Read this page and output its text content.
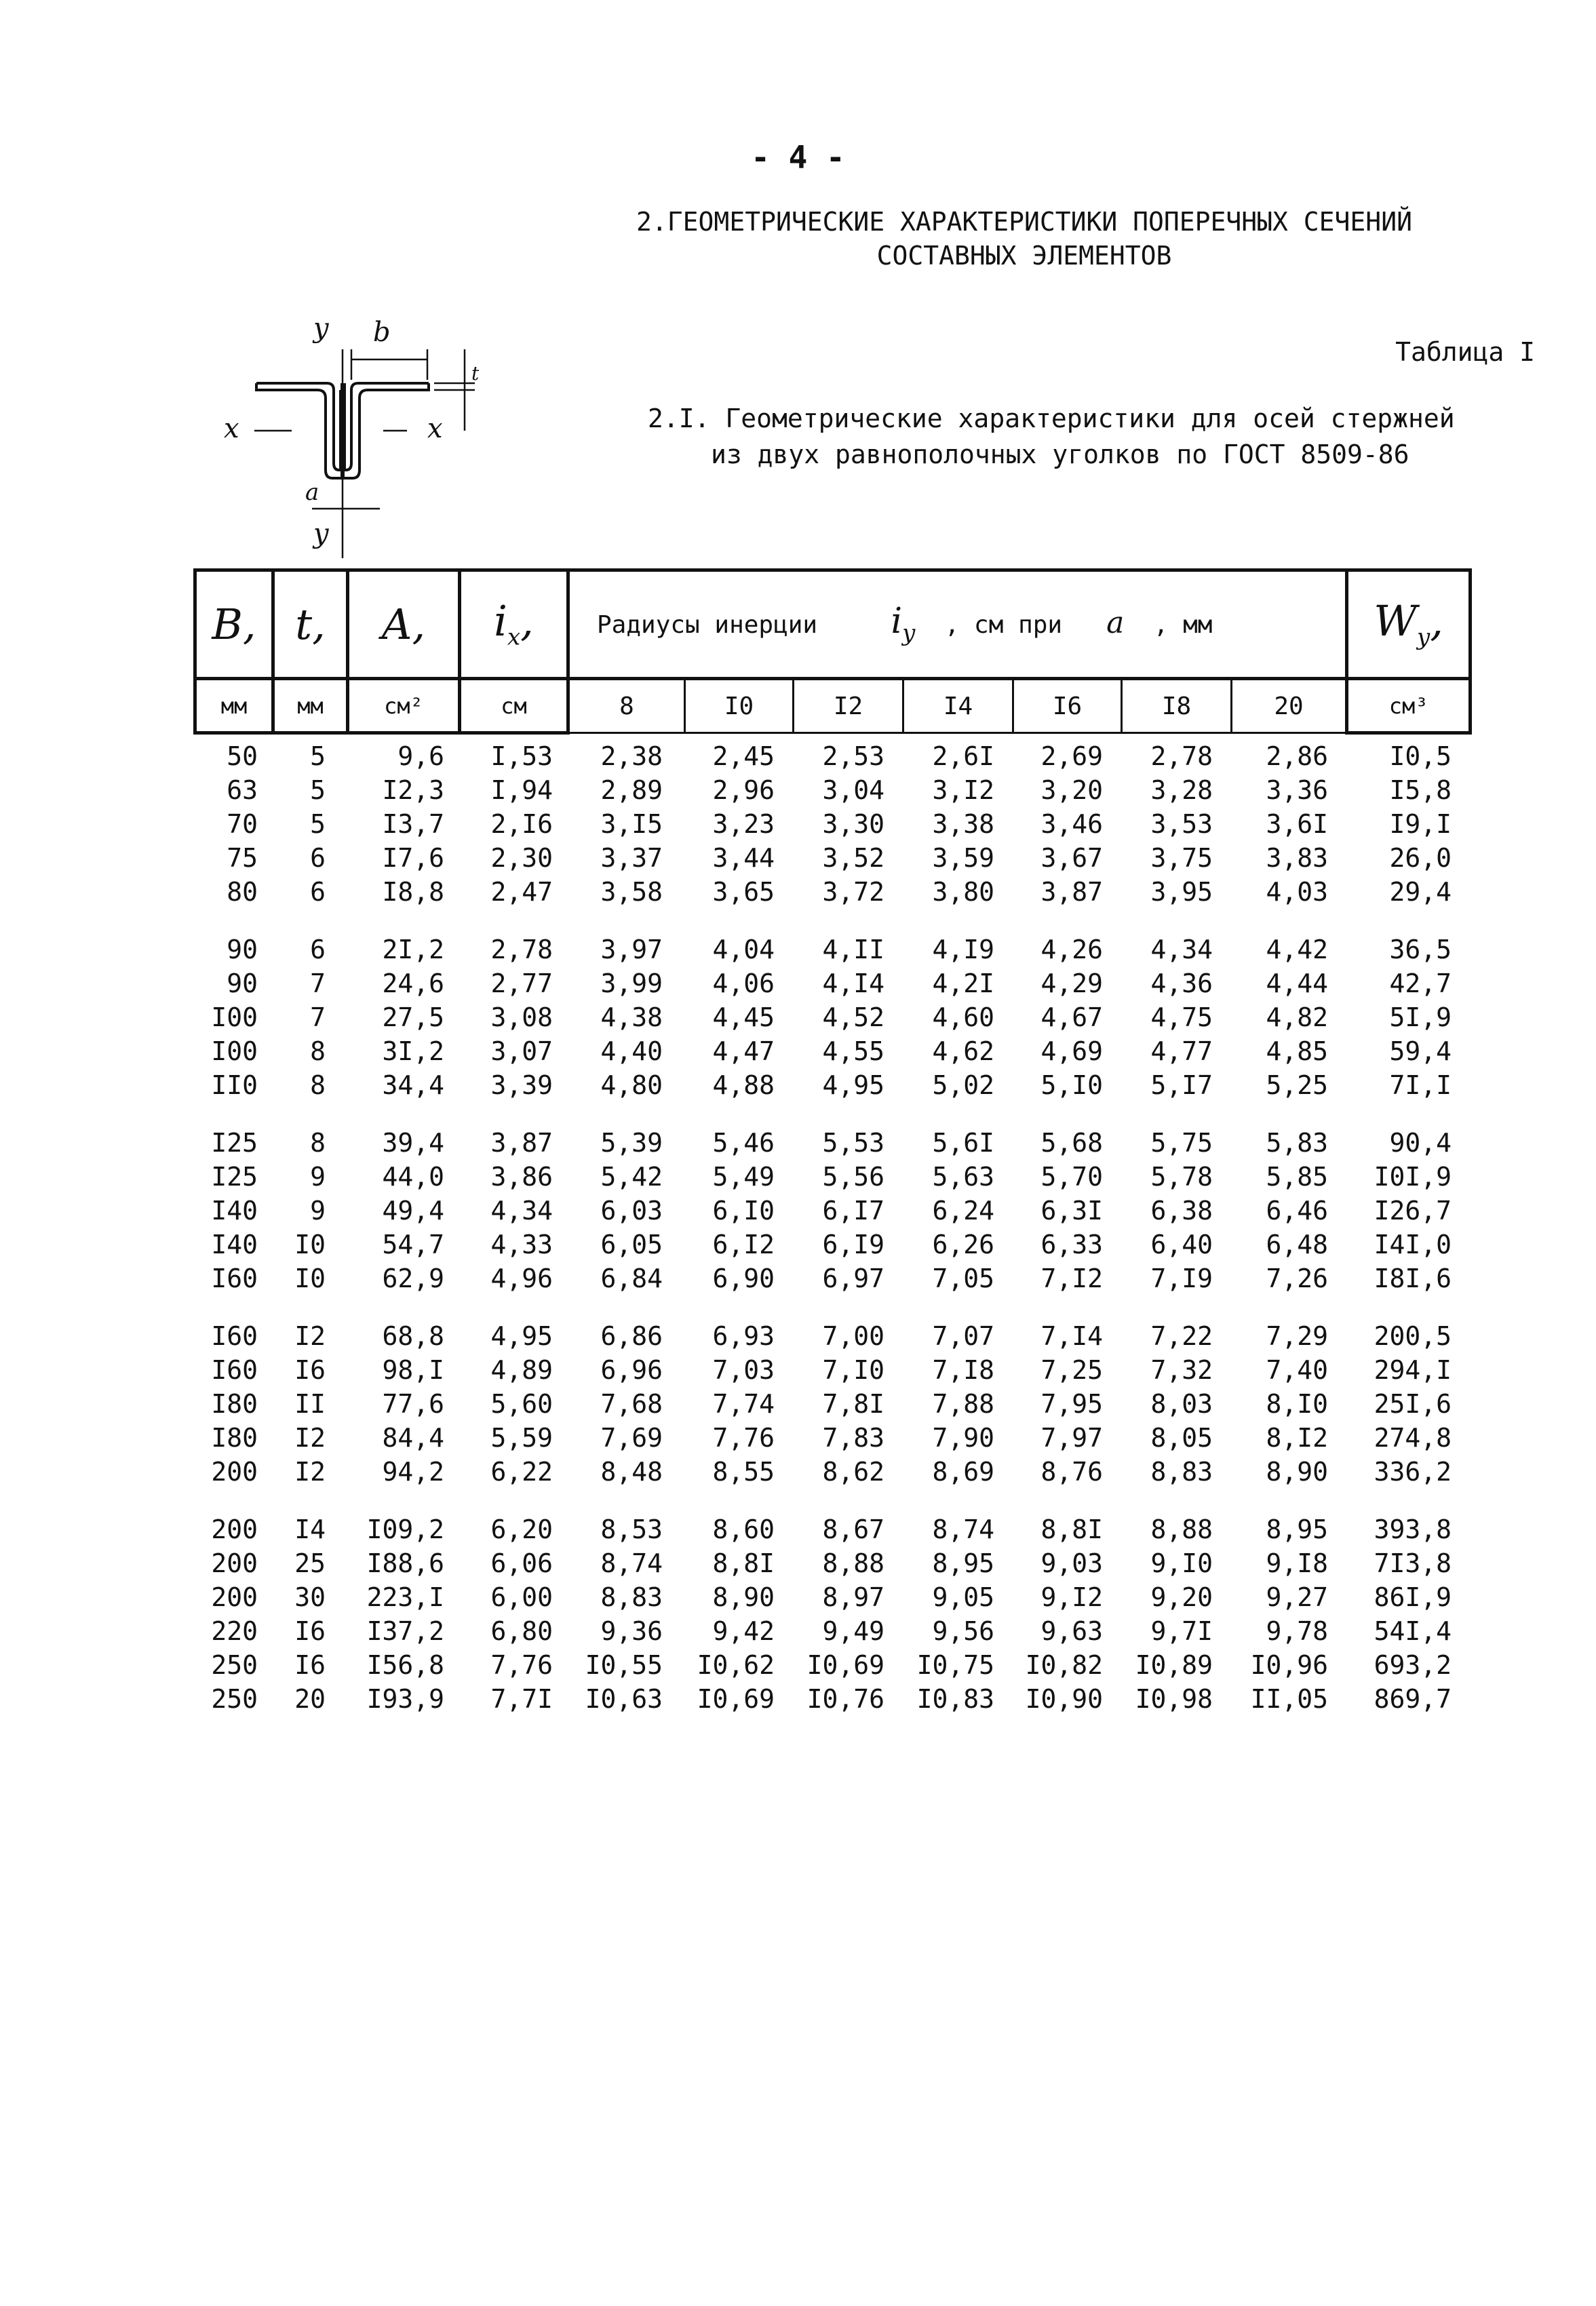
- 4 -
2.ГЕОМЕТРИЧЕСКИЕ ХАРАКТЕРИСТИКИ ПОПЕРЕЧНЫХ СЕЧЕНИЙ
СОСТАВНЫХ ЭЛЕМЕНТОВ
Таблица I
2.I. Геометрические характеристики для осей стержней
из двух равнополочных уголков по ГОСТ 8509-86
y b
t
x	x
a
y
B,	t,	A,	$i_x$,	Радиусы инерции $i_y$ , см при a , мм							$W_y$,
мм	мм	см²	см	8	I0	I2	I4	I6	I8	20	см³
50	5	9,6	I,53	2,38	2,45	2,53	2,6I	2,69	2,78	2,86	I0,5
63	5	I2,3	I,94	2,89	2,96	3,04	3,I2	3,20	3,28	3,36	I5,8
70	5	I3,7	2,I6	3,I5	3,23	3,30	3,38	3,46	3,53	3,6I	I9,I
75	6	I7,6	2,30	3,37	3,44	3,52	3,59	3,67	3,75	3,83	26,0
80	6	I8,8	2,47	3,58	3,65	3,72	3,80	3,87	3,95	4,03	29,4
90	6	2I,2	2,78	3,97	4,04	4,II	4,I9	4,26	4,34	4,42	36,5
90	7	24,6	2,77	3,99	4,06	4,I4	4,2I	4,29	4,36	4,44	42,7
I00	7	27,5	3,08	4,38	4,45	4,52	4,60	4,67	4,75	4,82	5I,9
I00	8	3I,2	3,07	4,40	4,47	4,55	4,62	4,69	4,77	4,85	59,4
II0	8	34,4	3,39	4,80	4,88	4,95	5,02	5,I0	5,I7	5,25	7I,I
I25	8	39,4	3,87	5,39	5,46	5,53	5,6I	5,68	5,75	5,83	90,4
I25	9	44,0	3,86	5,42	5,49	5,56	5,63	5,70	5,78	5,85	I0I,9
I40	9	49,4	4,34	6,03	6,I0	6,I7	6,24	6,3I	6,38	6,46	I26,7
I40	I0	54,7	4,33	6,05	6,I2	6,I9	6,26	6,33	6,40	6,48	I4I,0
I60	I0	62,9	4,96	6,84	6,90	6,97	7,05	7,I2	7,I9	7,26	I8I,6
I60	I2	68,8	4,95	6,86	6,93	7,00	7,07	7,I4	7,22	7,29	200,5
I60	I6	98,I	4,89	6,96	7,03	7,I0	7,I8	7,25	7,32	7,40	294,I
I80	II	77,6	5,60	7,68	7,74	7,8I	7,88	7,95	8,03	8,I0	25I,6
I80	I2	84,4	5,59	7,69	7,76	7,83	7,90	7,97	8,05	8,I2	274,8
200	I2	94,2	6,22	8,48	8,55	8,62	8,69	8,76	8,83	8,90	336,2
200	I4	I09,2	6,20	8,53	8,60	8,67	8,74	8,8I	8,88	8,95	393,8
200	25	I88,6	6,06	8,74	8,8I	8,88	8,95	9,03	9,I0	9,I8	7I3,8
200	30	223,I	6,00	8,83	8,90	8,97	9,05	9,I2	9,20	9,27	86I,9
220	I6	I37,2	6,80	9,36	9,42	9,49	9,56	9,63	9,7I	9,78	54I,4
250	I6	I56,8	7,76	I0,55	I0,62	I0,69	I0,75	I0,82	I0,89	I0,96	693,2
250	20	I93,9	7,7I	I0,63	I0,69	I0,76	I0,83	I0,90	I0,98	II,05	869,7
